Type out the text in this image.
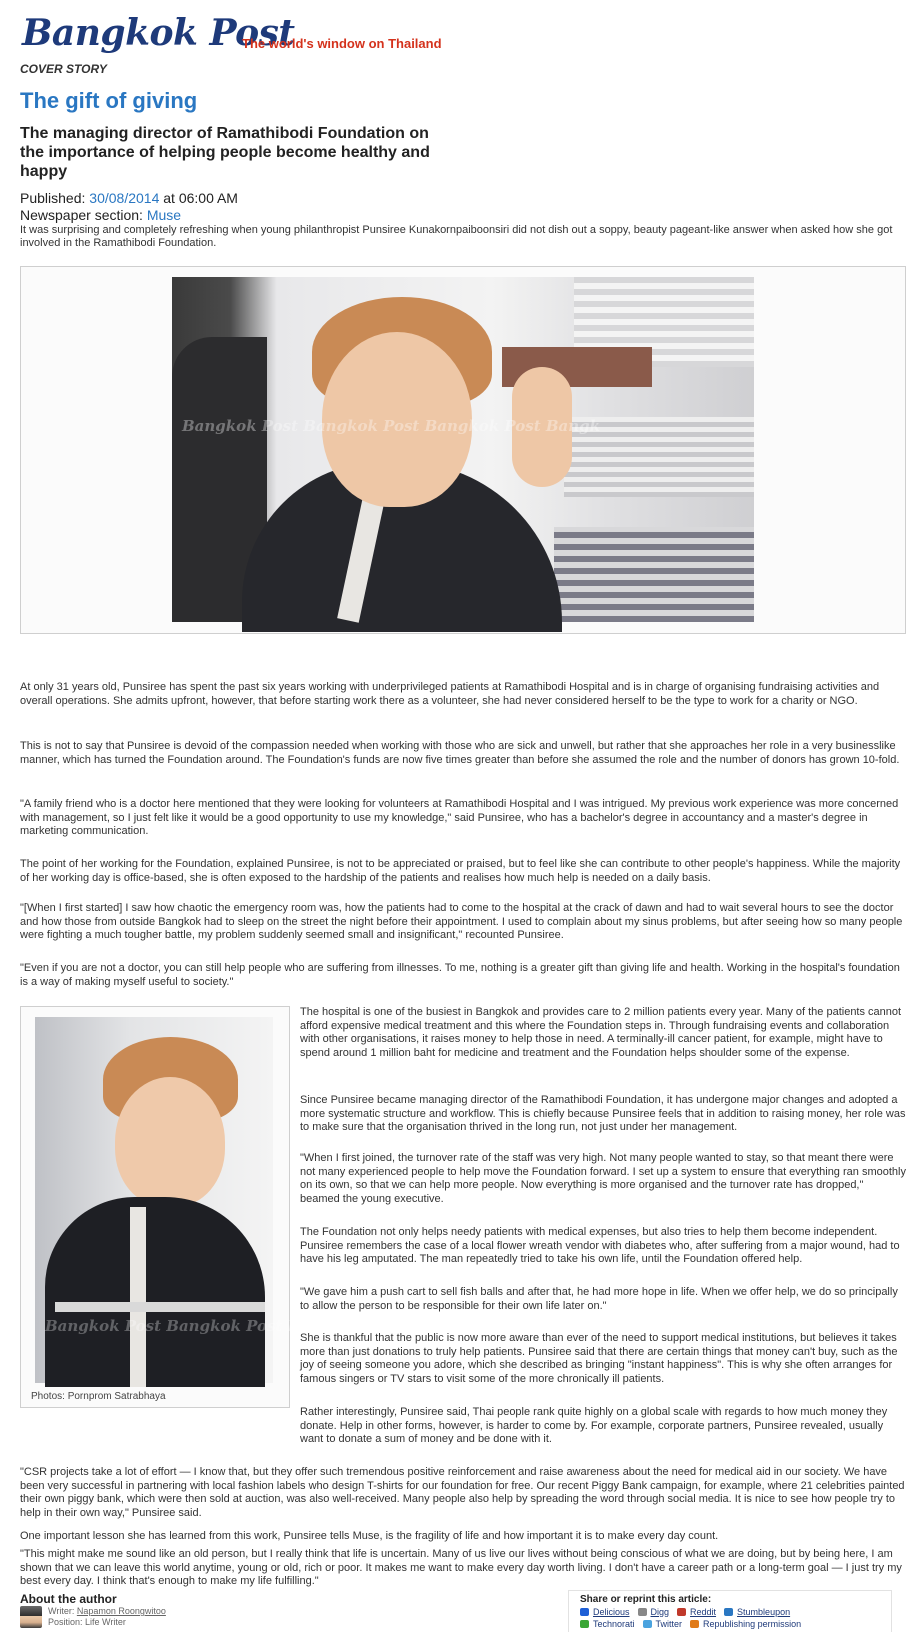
Bangkok Post
The world's window on Thailand
COVER STORY
The gift of giving
The managing director of Ramathibodi Foundation on the importance of helping people become healthy and happy
Published: 30/08/2014 at 06:00 AM
Newspaper section: Muse
It was surprising and completely refreshing when young philanthropist Punsiree Kunakornpaiboonsiri did not dish out a soppy, beauty pageant-like answer when asked how she got involved in the Ramathibodi Foundation.
Bangkok Post Bangkok Post Bangkok Post Bangk
At only 31 years old, Punsiree has spent the past six years working with underprivileged patients at Ramathibodi Hospital and is in charge of organising fundraising activities and overall operations. She admits upfront, however, that before starting work there as a volunteer, she had never considered herself to be the type to work for a charity or NGO.
This is not to say that Punsiree is devoid of the compassion needed when working with those who are sick and unwell, but rather that she approaches her role in a very businesslike manner, which has turned the Foundation around. The Foundation's funds are now five times greater than before she assumed the role and the number of donors has grown 10-fold.
"A family friend who is a doctor here mentioned that they were looking for volunteers at Ramathibodi Hospital and I was intrigued. My previous work experience was more concerned with management, so I just felt like it would be a good opportunity to use my knowledge," said Punsiree, who has a bachelor's degree in accountancy and a master's degree in marketing communication.
The point of her working for the Foundation, explained Punsiree, is not to be appreciated or praised, but to feel like she can contribute to other people's happiness. While the majority of her working day is office-based, she is often exposed to the hardship of the patients and realises how much help is needed on a daily basis.
"[When I first started] I saw how chaotic the emergency room was, how the patients had to come to the hospital at the crack of dawn and had to wait several hours to see the doctor and how those from outside Bangkok had to sleep on the street the night before their appointment. I used to complain about my sinus problems, but after seeing how so many people were fighting a much tougher battle, my problem suddenly seemed small and insignificant," recounted Punsiree.
"Even if you are not a doctor, you can still help people who are suffering from illnesses. To me, nothing is a greater gift than giving life and health. Working in the hospital's foundation is a way of making myself useful to society."
Bangkok Post Bangkok Post Bangkok Post Bangk
Photos: Pornprom Satrabhaya
The hospital is one of the busiest in Bangkok and provides care to 2 million patients every year. Many of the patients cannot afford expensive medical treatment and this where the Foundation steps in. Through fundraising events and collaboration with other organisations, it raises money to help those in need. A terminally-ill cancer patient, for example, might have to spend around 1 million baht for medicine and treatment and the Foundation helps shoulder some of the expense.
Since Punsiree became managing director of the Ramathibodi Foundation, it has undergone major changes and adopted a more systematic structure and workflow. This is chiefly because Punsiree feels that in addition to raising money, her role was to make sure that the organisation thrived in the long run, not just under her management.
"When I first joined, the turnover rate of the staff was very high. Not many people wanted to stay, so that meant there were not many experienced people to help move the Foundation forward. I set up a system to ensure that everything ran smoothly on its own, so that we can help more people. Now everything is more organised and the turnover rate has dropped," beamed the young executive.
The Foundation not only helps needy patients with medical expenses, but also tries to help them become independent. Punsiree remembers the case of a local flower wreath vendor with diabetes who, after suffering from a major wound, had to have his leg amputated. The man repeatedly tried to take his own life, until the Foundation offered help.
"We gave him a push cart to sell fish balls and after that, he had more hope in life. When we offer help, we do so principally to allow the person to be responsible for their own life later on."
She is thankful that the public is now more aware than ever of the need to support medical institutions, but believes it takes more than just donations to truly help patients. Punsiree said that there are certain things that money can't buy, such as the joy of seeing someone you adore, which she described as bringing "instant happiness". This is why she often arranges for famous singers or TV stars to visit some of the more chronically ill patients.
Rather interestingly, Punsiree said, Thai people rank quite highly on a global scale with regards to how much money they donate. Help in other forms, however, is harder to come by. For example, corporate partners, Punsiree revealed, usually want to donate a sum of money and be done with it.
"CSR projects take a lot of effort — I know that, but they offer such tremendous positive reinforcement and raise awareness about the need for medical aid in our society. We have been very successful in partnering with local fashion labels who design T-shirts for our foundation for free. Our recent Piggy Bank campaign, for example, where 21 celebrities painted their own piggy bank, which were then sold at auction, was also well-received. Many people also help by spreading the word through social media. It is nice to see how people try to help in their own way," Punsiree said.
One important lesson she has learned from this work, Punsiree tells Muse, is the fragility of life and how important it is to make every day count.
"This might make me sound like an old person, but I really think that life is uncertain. Many of us live our lives without being conscious of what we are doing, but by being here, I am shown that we can leave this world anytime, young or old, rich or poor. It makes me want to make every day worth living. I don't have a career path or a long-term goal — I just try my best every day. I think that's enough to make my life fulfilling."
About the author
Writer: Napamon Roongwitoo
Position: Life Writer
Share or reprint this article:
Delicious Digg Reddit Stumbleupon
Technorati Twitter Republishing permission
